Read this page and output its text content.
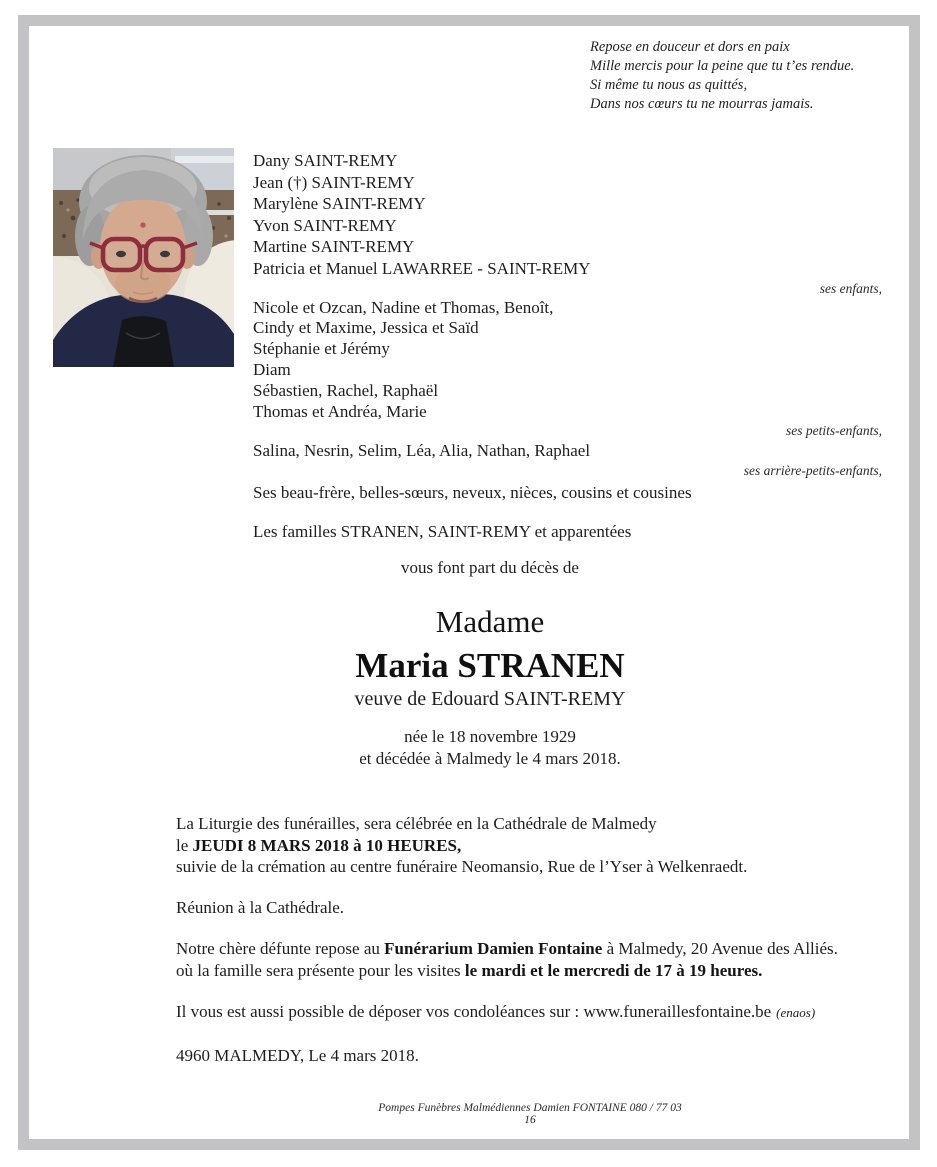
Repose en douceur et dors en paix
Mille mercis pour la peine que tu t’es rendue.
Si même tu nous as quittés,
Dans nos cœurs tu ne mourras jamais.
Dany SAINT-REMY
Jean (†) SAINT-REMY
Marylène SAINT-REMY
Yvon SAINT-REMY
Martine SAINT-REMY
Patricia et Manuel LAWARREE - SAINT-REMY
ses enfants,
Nicole et Ozcan, Nadine et Thomas, Benoît,
Cindy et Maxime, Jessica et Saïd
Stéphanie et Jérémy
Diam
Sébastien, Rachel, Raphaël
Thomas et Andréa, Marie
ses petits-enfants,
Salina, Nesrin, Selim, Léa, Alia, Nathan, Raphael
ses arrière-petits-enfants,
Ses beau-frère, belles-sœurs, neveux, nièces, cousins et cousines
Les familles STRANEN, SAINT-REMY et apparentées
vous font part du décès de
Madame
Maria STRANEN
veuve de Edouard SAINT-REMY
née le 18 novembre 1929
et décédée à Malmedy le 4 mars 2018.

La Liturgie des funérailles, sera célébrée en la Cathédrale de Malmedy
le JEUDI 8 MARS 2018 à 10 HEURES,
suivie de la crémation au centre funéraire Neomansio, Rue de l’Yser à Welkenraedt.

Réunion à la Cathédrale.

Notre chère défunte repose au Funérarium Damien Fontaine à Malmedy, 20 Avenue des Alliés.
où la famille sera présente pour les visites le mardi et le mercredi de 17 à 19 heures.

Il vous est aussi possible de déposer vos condoléances sur : www.funeraillesfontaine.be (enaos)

4960 MALMEDY, Le 4 mars 2018.

Pompes Funèbres Malmédiennes Damien FONTAINE 080 / 77 03 16
